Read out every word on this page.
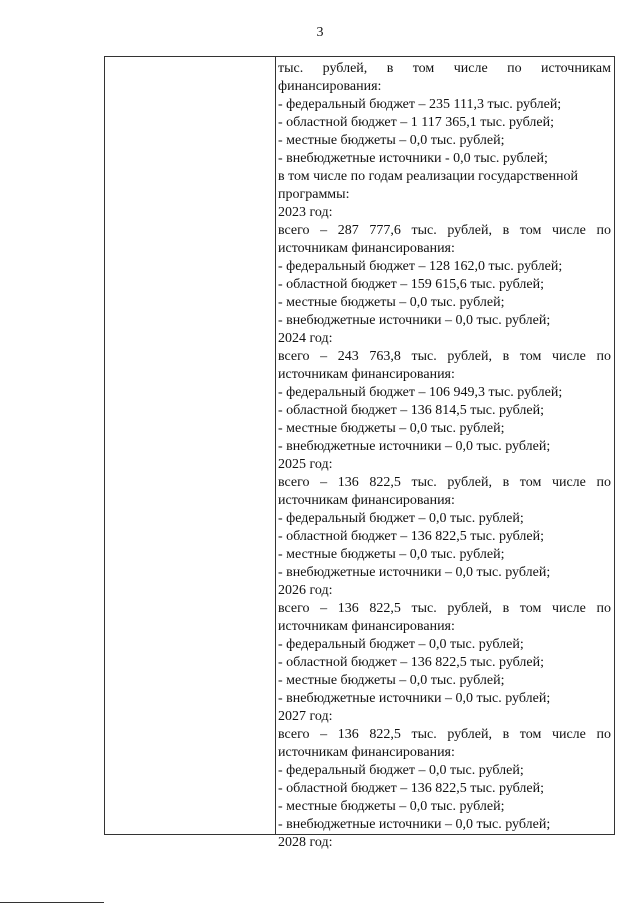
3
тыс. рублей, в том числе по источникам
финансирования:
- федеральный бюджет – 235 111,3 тыс. рублей;
- областной бюджет – 1 117 365,1 тыс. рублей;
- местные бюджеты – 0,0 тыс. рублей;
- внебюджетные источники - 0,0 тыс. рублей;
в том числе по годам реализации государственной
программы:
2023 год:
всего – 287 777,6 тыс. рублей, в том числе по
источникам финансирования:
- федеральный бюджет – 128 162,0 тыс. рублей;
- областной бюджет – 159 615,6 тыс. рублей;
- местные бюджеты – 0,0 тыс. рублей;
- внебюджетные источники – 0,0 тыс. рублей;
2024 год:
всего – 243 763,8 тыс. рублей, в том числе по
источникам финансирования:
- федеральный бюджет – 106 949,3 тыс. рублей;
- областной бюджет – 136 814,5 тыс. рублей;
- местные бюджеты – 0,0 тыс. рублей;
- внебюджетные источники – 0,0 тыс. рублей;
2025 год:
всего – 136 822,5 тыс. рублей, в том числе по
источникам финансирования:
- федеральный бюджет – 0,0 тыс. рублей;
- областной бюджет – 136 822,5 тыс. рублей;
- местные бюджеты – 0,0 тыс. рублей;
- внебюджетные источники – 0,0 тыс. рублей;
2026 год:
всего – 136 822,5 тыс. рублей, в том числе по
источникам финансирования:
- федеральный бюджет – 0,0 тыс. рублей;
- областной бюджет – 136 822,5 тыс. рублей;
- местные бюджеты – 0,0 тыс. рублей;
- внебюджетные источники – 0,0 тыс. рублей;
2027 год:
всего – 136 822,5 тыс. рублей, в том числе по
источникам финансирования:
- федеральный бюджет – 0,0 тыс. рублей;
- областной бюджет – 136 822,5 тыс. рублей;
- местные бюджеты – 0,0 тыс. рублей;
- внебюджетные источники – 0,0 тыс. рублей;
2028 год:
